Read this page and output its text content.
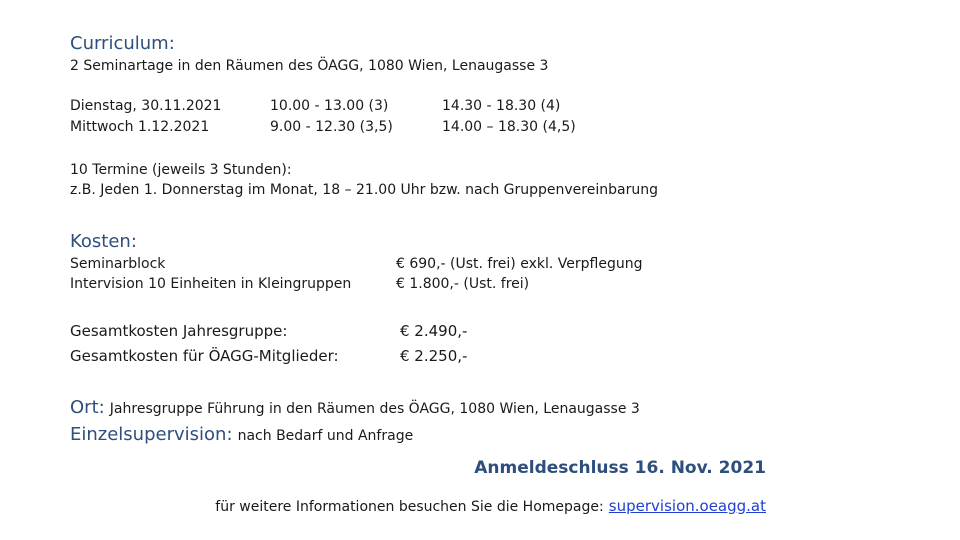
Curriculum:
2 Seminartage in den Räumen des ÖAGG, 1080 Wien, Lenaugasse 3
Dienstag, 30.11.2021	10.00 - 13.00 (3)	14.30 - 18.30 (4)
Mittwoch 1.12.2021	9.00 - 12.30 (3,5)	14.00 – 18.30 (4,5)
10 Termine (jeweils 3 Stunden):
z.B. Jeden 1. Donnerstag im Monat, 18 – 21.00 Uhr bzw. nach Gruppenvereinbarung
Kosten:
Seminarblock	€ 690,- (Ust. frei) exkl. Verpflegung
Intervision 10 Einheiten in Kleingruppen	€ 1.800,- (Ust. frei)
Gesamtkosten Jahresgruppe:	€ 2.490,-
Gesamtkosten für ÖAGG-Mitglieder:	€ 2.250,-
Ort: Jahresgruppe Führung in den Räumen des ÖAGG, 1080 Wien, Lenaugasse 3
Einzelsupervision: nach Bedarf und Anfrage
Anmeldeschluss 16. Nov. 2021
für weitere Informationen besuchen Sie die Homepage: supervision.oeagg.at
